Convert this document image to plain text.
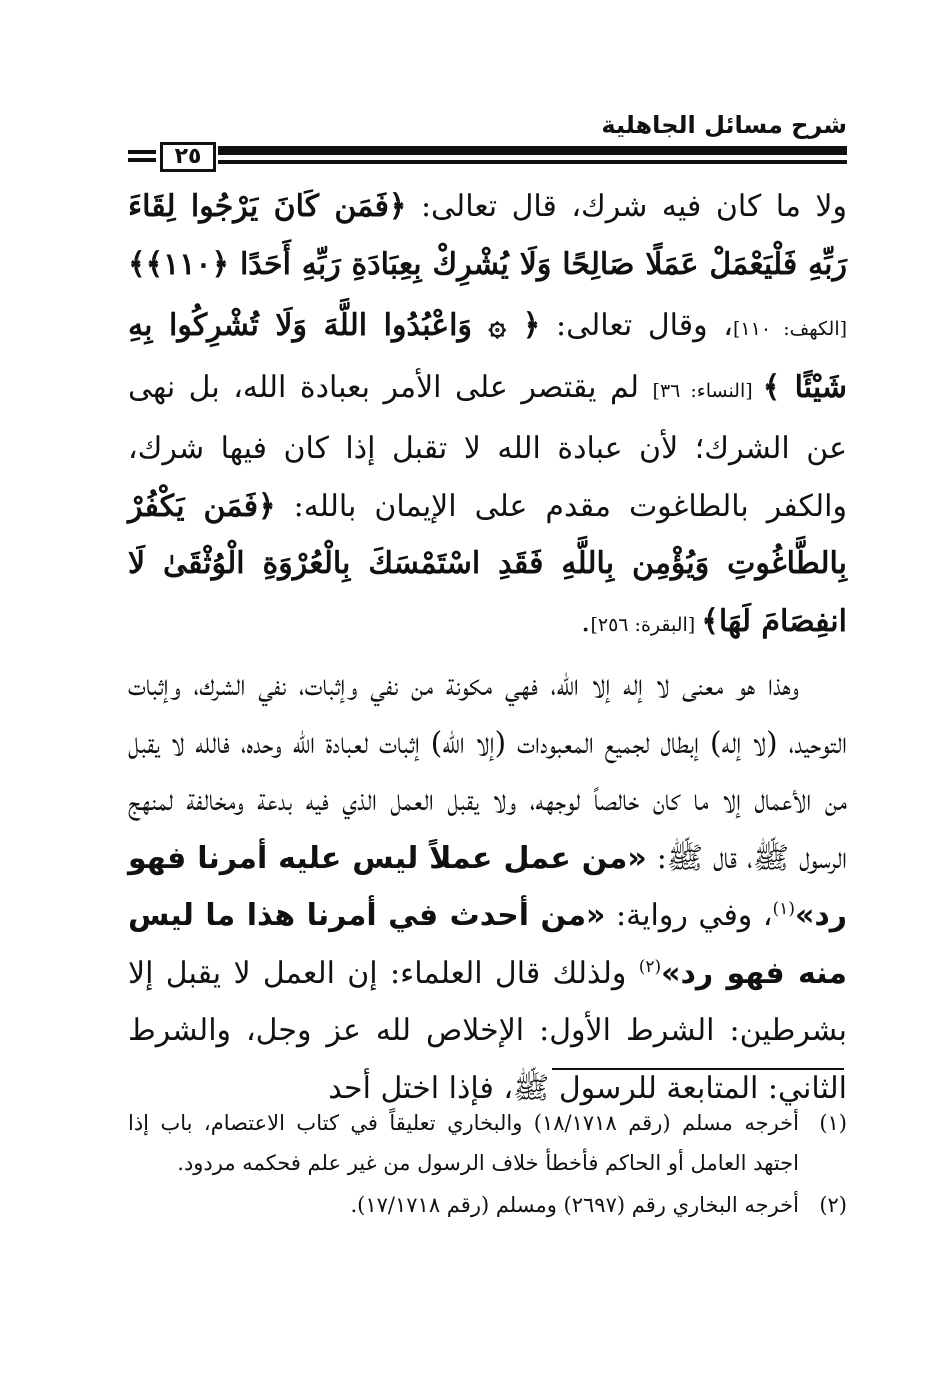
شرح مسائل الجاهلية
٢٥

ولا ما كان فيه شرك، قال تعالى: ﴿فَمَن كَانَ يَرْجُوا لِقَاءَ رَبِّهِ فَلْيَعْمَلْ عَمَلًا صَالِحًا وَلَا يُشْرِكْ بِعِبَادَةِ رَبِّهِ أَحَدًا ﴿١١٠﴾﴾ [الكهف: ١١٠]، وقال تعالى: ﴿ ۞ وَاعْبُدُوا اللَّهَ وَلَا تُشْرِكُوا بِهِ شَيْئًا ﴾ [النساء: ٣٦] لم يقتصر على الأمر بعبادة الله، بل نهى عن الشرك؛ لأن عبادة الله لا تقبل إذا كان فيها شرك، والكفر بالطاغوت مقدم على الإيمان بالله: ﴿فَمَن يَكْفُرْ بِالطَّاغُوتِ وَيُؤْمِن بِاللَّهِ فَقَدِ اسْتَمْسَكَ بِالْعُرْوَةِ الْوُثْقَىٰ لَا انفِصَامَ لَهَا﴾ [البقرة: ٢٥٦].

وهذا هو معنى لا إله إلا الله، فهي مكونة من نفي وإثبات، نفي الشرك، وإثبات التوحيد، (لا إله) إبطال لجميع المعبودات (إلا الله) إثبات لعبادة الله وحده، فالله لا يقبل من الأعمال إلا ما كان خالصاً لوجهه، ولا يقبل العمل الذي فيه بدعة ومخالفة لمنهج الرسول ﷺ، قال ﷺ: «من عمل عملاً ليس عليه أمرنا فهو رد»$^{(١)}$، وفي رواية: «من أحدث في أمرنا هذا ما ليس منه فهو رد»$^{(٢)}$ ولذلك قال العلماء: إن العمل لا يقبل إلا بشرطين: الشرط الأول: الإخلاص لله عز وجل، والشرط الثاني: المتابعة للرسول ﷺ، فإذا اختل أحد

(١)
أخرجه مسلم (رقم ١٨/١٧١٨) والبخاري تعليقاً في كتاب الاعتصام، باب إذا اجتهد العامل أو الحاكم فأخطأ خلاف الرسول من غير علم فحكمه مردود.
(٢)
أخرجه البخاري رقم (٢٦٩٧) ومسلم (رقم ١٧/١٧١٨).
